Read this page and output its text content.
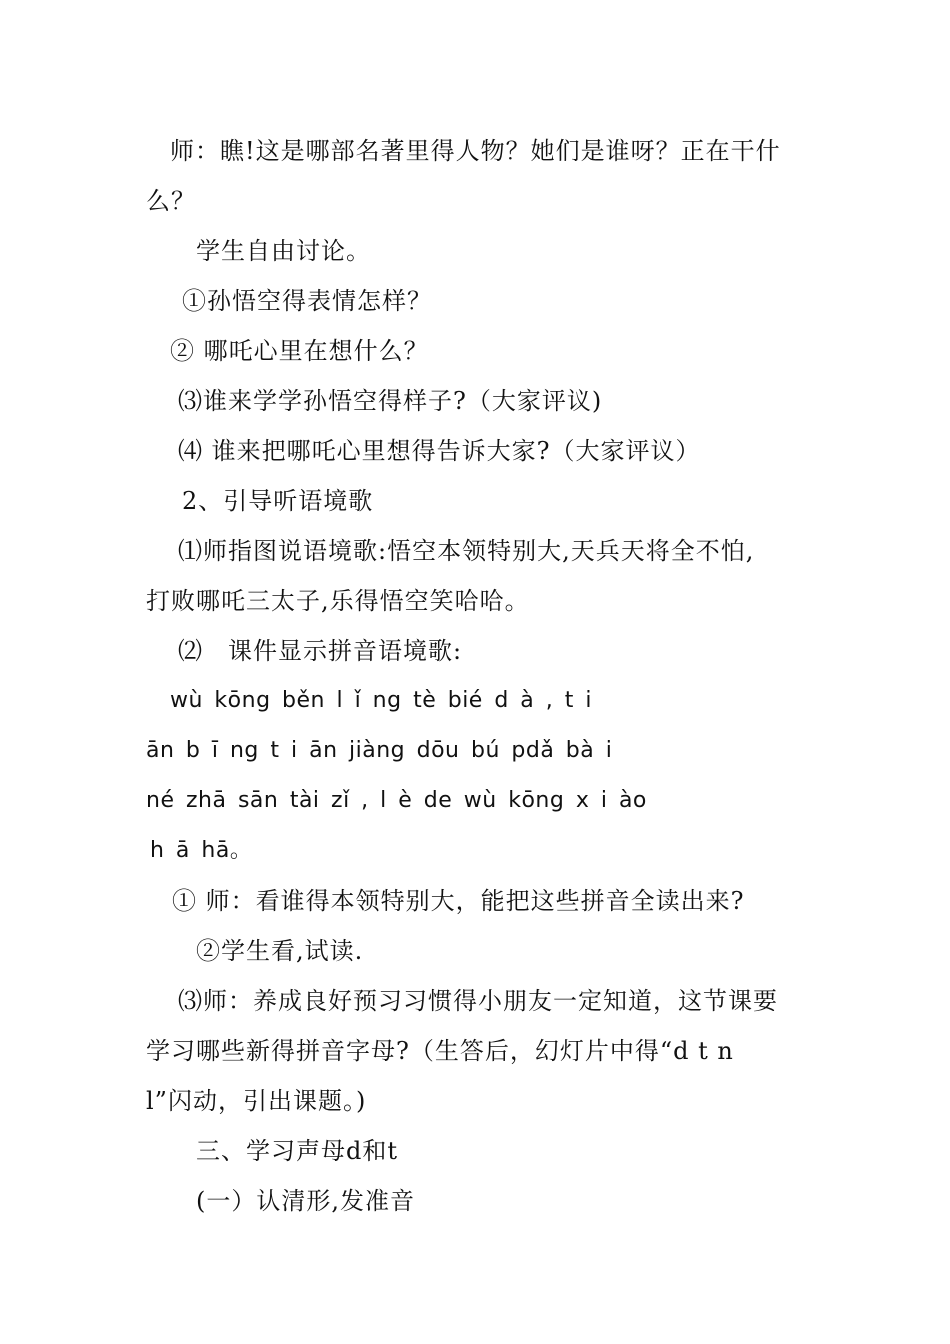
师：瞧!这是哪部名著里得人物？她们是谁呀？正在干什
么？
学生自由讨论。
①孙悟空得表情怎样？
② 哪吒心里在想什么？
⑶谁来学学孙悟空得样子?（大家评议)
⑷ 谁来把哪吒心里想得告诉大家?（大家评议）
2、引导听语境歌
⑴师指图说语境歌:悟空本领特别大,天兵天将全不怕,
打败哪吒三太子,乐得悟空笑哈哈。
⑵　课件显示拼音语境歌:
wù kōng běn l ǐ ng tè bié d à , t i
ān b ī ng t i ān jiàng dōu bú pdǎ bà i
né zhā sān tài zǐ , l è de wù kōng x i ào
h ā hā。
① 师：看谁得本领特别大，能把这些拼音全读出来?
②学生看,试读.
⑶师：养成良好预习习惯得小朋友一定知道，这节课要
学习哪些新得拼音字母?（生答后，幻灯片中得“d t n
l”闪动，引出课题。)
三、学习声母d和t
(一）认清形,发准音
